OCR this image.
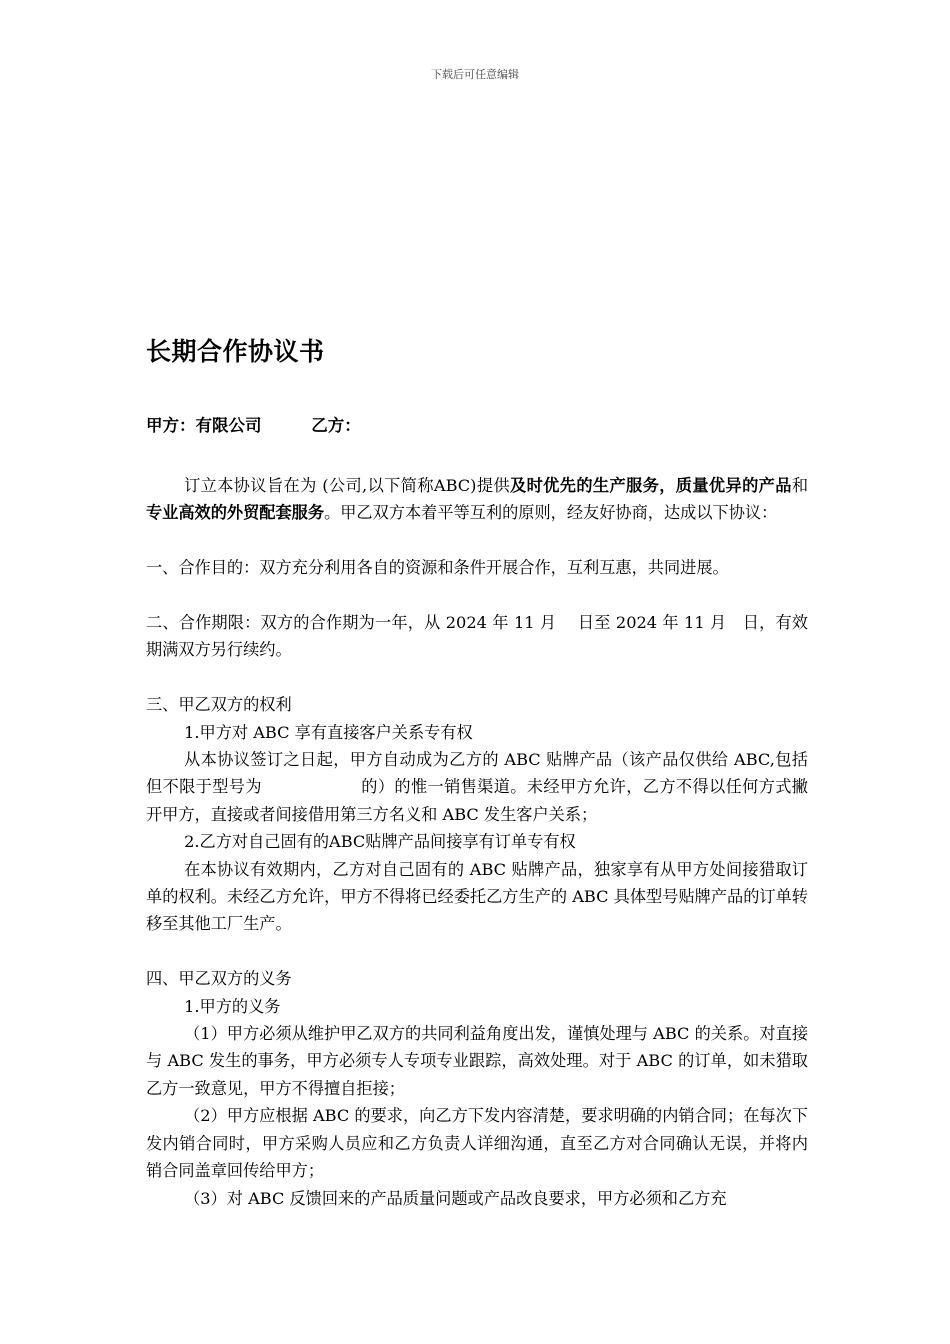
下载后可任意编辑
长期合作协议书
甲方：有限公司	乙方：

订立本协议旨在为 (公司,以下简称ABC)提供及时优先的生产服务，质量优异的产品和专业高效的外贸配套服务。甲乙双方本着平等互利的原则，经友好协商，达成以下协议：

一、合作目的：双方充分利用各自的资源和条件开展合作，互利互惠，共同进展。

二、合作期限：双方的合作期为一年，从 2024 年 11 月　 日至 2024 年 11 月　日，有效期满双方另行续约。

三、甲乙双方的权利

1.甲方对 ABC 享有直接客户关系专有权

从本协议签订之日起，甲方自动成为乙方的 ABC 贴牌产品（该产品仅供给 ABC,包括但不限于型号为　　　　　　的）的惟一销售渠道。未经甲方允许，乙方不得以任何方式撇开甲方，直接或者间接借用第三方名义和 ABC 发生客户关系；

2.乙方对自己固有的ABC贴牌产品间接享有订单专有权

在本协议有效期内，乙方对自己固有的 ABC 贴牌产品，独家享有从甲方处间接猎取订单的权利。未经乙方允许，甲方不得将已经委托乙方生产的 ABC 具体型号贴牌产品的订单转移至其他工厂生产。

四、甲乙双方的义务

1.甲方的义务

（1）甲方必须从维护甲乙双方的共同利益角度出发，谨慎处理与 ABC 的关系。对直接与 ABC 发生的事务，甲方必须专人专项专业跟踪，高效处理。对于 ABC 的订单，如未猎取乙方一致意见，甲方不得擅自拒接；

（2）甲方应根据 ABC 的要求，向乙方下发内容清楚，要求明确的内销合同；在每次下发内销合同时，甲方采购人员应和乙方负责人详细沟通，直至乙方对合同确认无误，并将内销合同盖章回传给甲方；

（3）对 ABC 反馈回来的产品质量问题或产品改良要求，甲方必须和乙方充
